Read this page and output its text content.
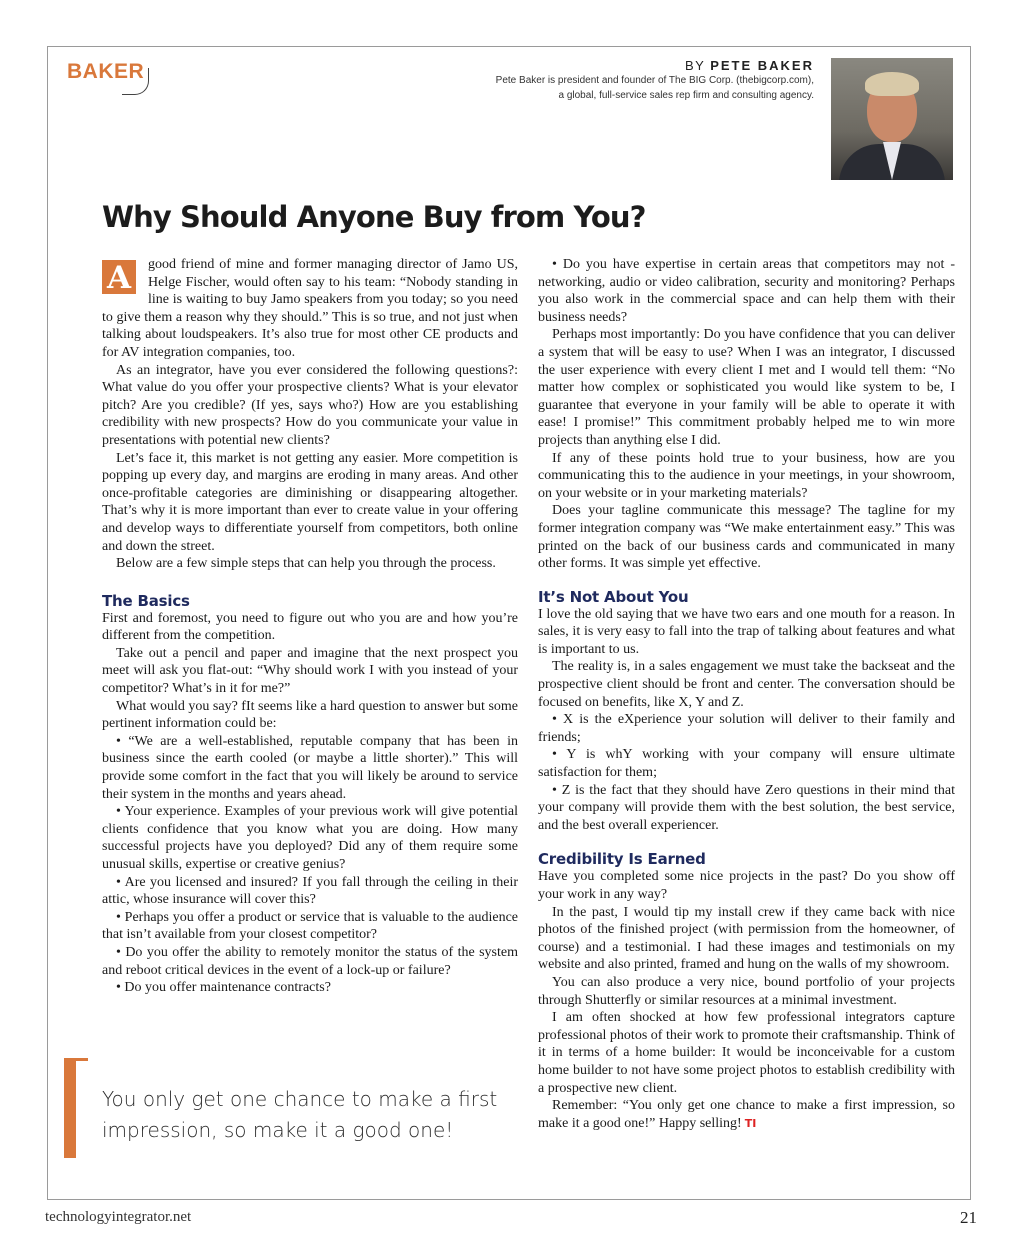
BAKER	BY PETE BAKER
Pete Baker is president and founder of The BIG Corp. (thebigcorp.com),
a global, full-service sales rep firm and consulting agency.
Why Should Anyone Buy from You?

A	good friend of mine and former managing director of Jamo US, Helge Fischer, would often say to his team: “Nobody standing in line is waiting to buy Jamo speakers from you today; so you need to give them a reason why they should.” This is so true, and not just when talking about loudspeakers. It’s also true for most other CE products and for AV integration companies, too.

As an integrator, have you ever considered the following questions?: What value do you offer your prospective clients? What is your elevator pitch? Are you credible? (If yes, says who?) How are you establishing credibility with new prospects? How do you communicate your value in presentations with potential new clients?

Let’s face it, this market is not getting any easier. More competition is popping up every day, and margins are eroding in many areas. And other once-profitable categories are diminishing or disappearing altogether. That’s why it is more important than ever to create value in your offering and develop ways to differentiate yourself from competitors, both online and down the street.

Below are a few simple steps that can help you through the process.

The Basics

First and foremost, you need to figure out who you are and how you’re different from the competition.

Take out a pencil and paper and imagine that the next prospect you meet will ask you flat-out: “Why should work I with you instead of your competitor? What’s in it for me?”

What would you say? fIt seems like a hard question to answer but some pertinent information could be:

• “We are a well-established, reputable company that has been in business since the earth cooled (or maybe a little shorter).” This will provide some comfort in the fact that you will likely be around to service their system in the months and years ahead.

• Your experience. Examples of your previous work will give potential clients confidence that you know what you are doing. How many successful projects have you deployed? Did any of them require some unusual skills, expertise or creative genius?

• Are you licensed and insured? If you fall through the ceiling in their attic, whose insurance will cover this?

• Perhaps you offer a product or service that is valuable to the audience that isn’t available from your closest competitor?

• Do you offer the ability to remotely monitor the status of the system and reboot critical devices in the event of a lock-up or failure?

• Do you offer maintenance contracts?

You only get one chance to make a first impression, so make it a good one!

• Do you have expertise in certain areas that competitors may not - networking, audio or video calibration, security and monitoring? Perhaps you also work in the commercial space and can help them with their business needs?

Perhaps most importantly: Do you have confidence that you can deliver a system that will be easy to use? When I was an integrator, I discussed the user experience with every client I met and I would tell them: “No matter how complex or sophisticated you would like system to be, I guarantee that everyone in your family will be able to operate it with ease! I promise!” This commitment probably helped me to win more projects than anything else I did.

If any of these points hold true to your business, how are you communicating this to the audience in your meetings, in your showroom, on your website or in your marketing materials?

Does your tagline communicate this message? The tagline for my former integration company was “We make entertainment easy.” This was printed on the back of our business cards and communicated in many other forms. It was simple yet effective.

It’s Not About You

I love the old saying that we have two ears and one mouth for a reason. In sales, it is very easy to fall into the trap of talking about features and what is important to us.

The reality is, in a sales engagement we must take the backseat and the prospective client should be front and center. The conversation should be focused on benefits, like X, Y and Z.

• X is the eXperience your solution will deliver to their family and friends;

• Y is whY working with your company will ensure ultimate satisfaction for them;

• Z is the fact that they should have Zero questions in their mind that your company will provide them with the best solution, the best service, and the best overall experiencer.

Credibility Is Earned

Have you completed some nice projects in the past? Do you show off your work in any way?

In the past, I would tip my install crew if they came back with nice photos of the finished project (with permission from the homeowner, of course) and a testimonial. I had these images and testimonials on my website and also printed, framed and hung on the walls of my showroom.

You can also produce a very nice, bound portfolio of your projects through Shutterfly or similar resources at a minimal investment.

I am often shocked at how few professional integrators capture professional photos of their work to promote their craftsmanship. Think of it in terms of a home builder: It would be inconceivable for a custom home builder to not have some project photos to establish credibility with a prospective new client.

Remember: “You only get one chance to make a first impression, so make it a good one!” Happy selling! TI

technologyintegrator.net	21
